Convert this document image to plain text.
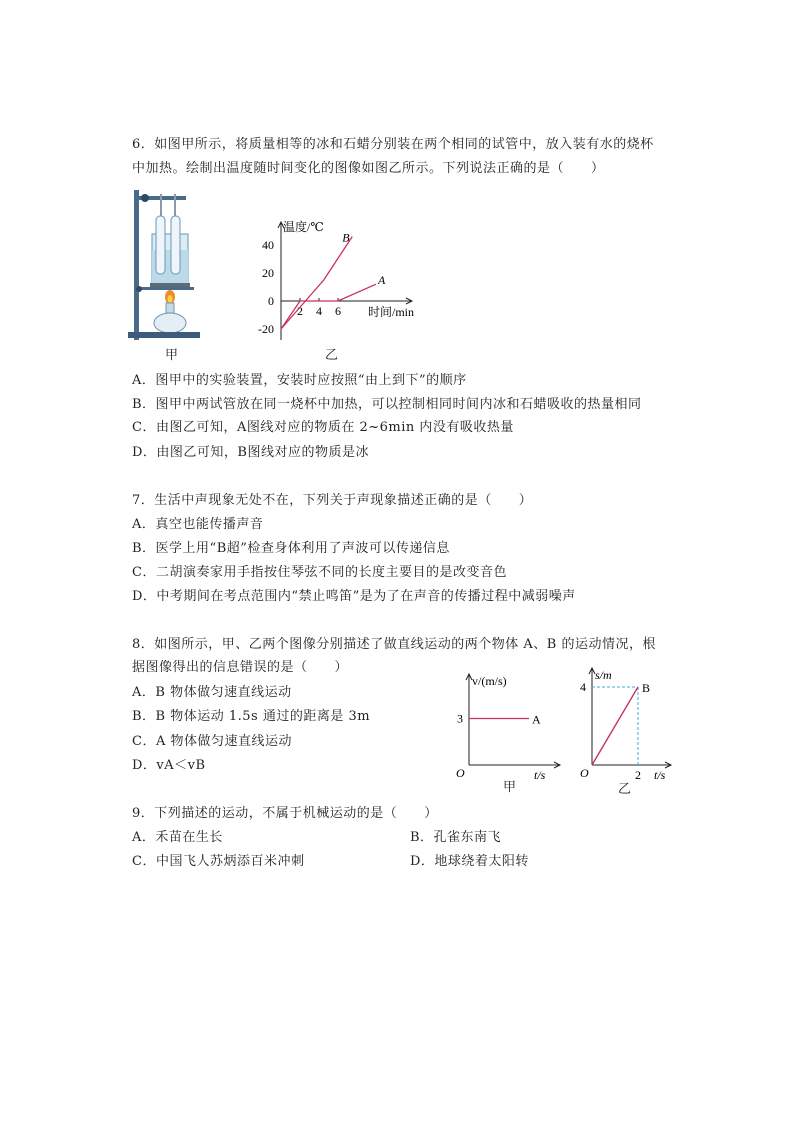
6．如图甲所示，将质量相等的冰和石蜡分别装在两个相同的试管中，放入装有水的烧杯
中加热。绘制出温度随时间变化的图像如图乙所示。下列说法正确的是（　　）
甲
温度/℃
时间/min
40
20
0
-20
2 4 6
A
B
乙
A．图甲中的实验装置，安装时应按照“由上到下”的顺序
B．图甲中两试管放在同一烧杯中加热，可以控制相同时间内冰和石蜡吸收的热量相同
C．由图乙可知，A图线对应的物质在 2~6min 内没有吸收热量
D．由图乙可知，B图线对应的物质是冰
7．生活中声现象无处不在，下列关于声现象描述正确的是（　　）
A．真空也能传播声音
B．医学上用“B超”检查身体利用了声波可以传递信息
C．二胡演奏家用手指按住琴弦不同的长度主要目的是改变音色
D．中考期间在考点范围内“禁止鸣笛”是为了在声音的传播过程中减弱噪声
8．如图所示，甲、乙两个图像分别描述了做直线运动的两个物体 A、B 的运动情况，根
据图像得出的信息错误的是（　　）
A．B 物体做匀速直线运动
B．B 物体运动 1.5s 通过的距离是 3m
C．A 物体做匀速直线运动
D．vA＜vB
v/(m/s)
t/s
O
3	A
甲
s/m
t/s
O
4
2
B
乙
9．下列描述的运动，不属于机械运动的是（　　）
A．禾苗在生长	B．孔雀东南飞
C．中国飞人苏炳添百米冲刺	D．地球绕着太阳转
